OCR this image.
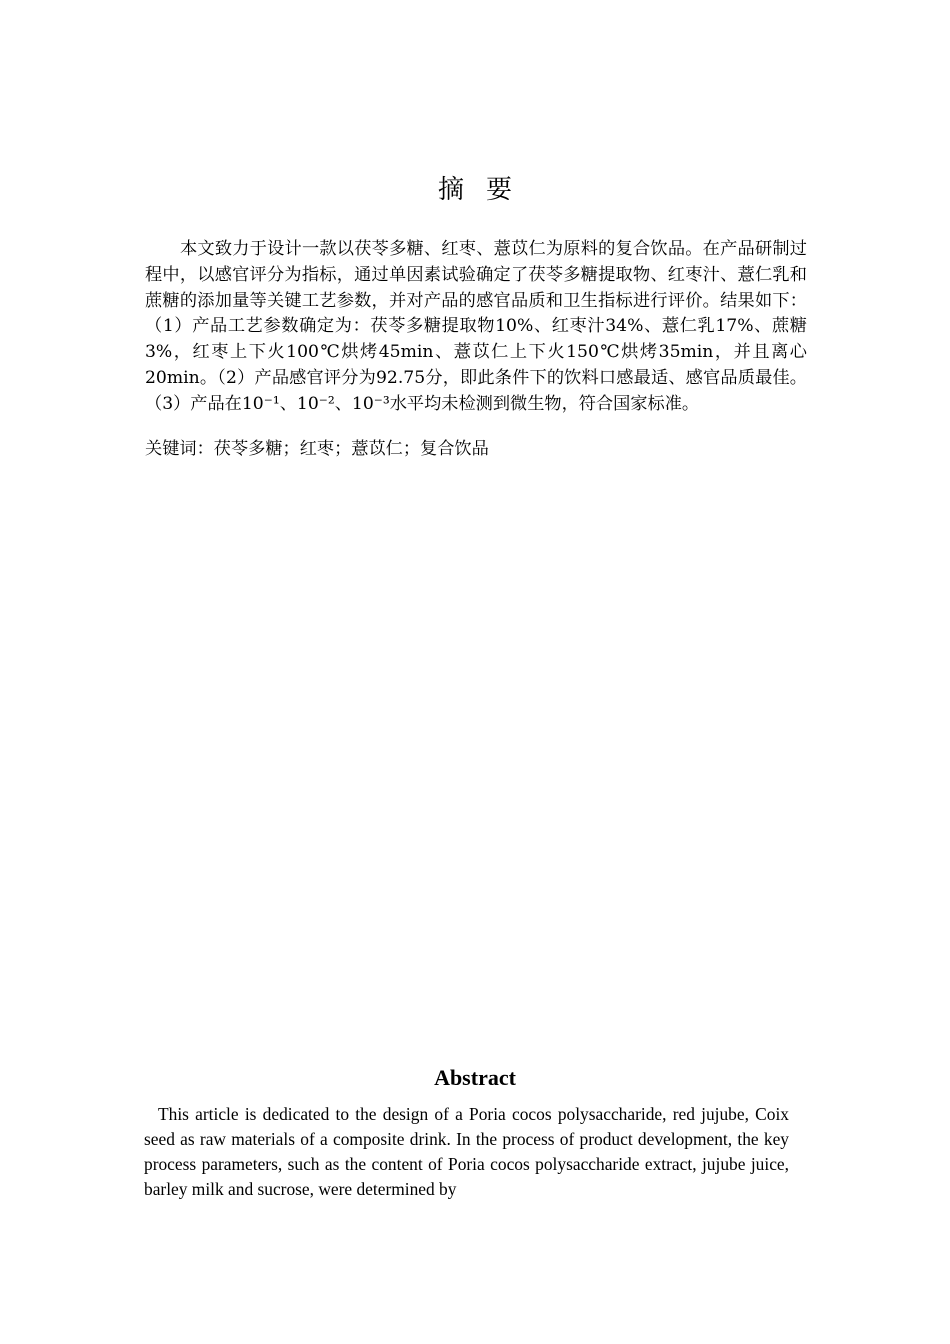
摘要

本文致力于设计一款以茯苓多糖、红枣、薏苡仁为原料的复合饮品。在产品研制过程中，以感官评分为指标，通过单因素试验确定了茯苓多糖提取物、红枣汁、薏仁乳和蔗糖的添加量等关键工艺参数，并对产品的感官品质和卫生指标进行评价。结果如下：（1）产品工艺参数确定为：茯苓多糖提取物10%、红枣汁34%、薏仁乳17%、蔗糖3%，红枣上下火100℃烘烤45min、薏苡仁上下火150℃烘烤35min，并且离心20min。（2）产品感官评分为92.75分，即此条件下的饮料口感最适、感官品质最佳。（3）产品在10⁻¹、10⁻²、10⁻³水平均未检测到微生物，符合国家标准。

关键词：茯苓多糖；红枣；薏苡仁；复合饮品

Abstract

This article is dedicated to the design of a Poria cocos polysaccharide, red jujube, Coix seed as raw materials of a composite drink. In the process of product development, the key process parameters, such as the content of Poria cocos polysaccharide extract, jujube juice, barley milk and sucrose, were determined by
